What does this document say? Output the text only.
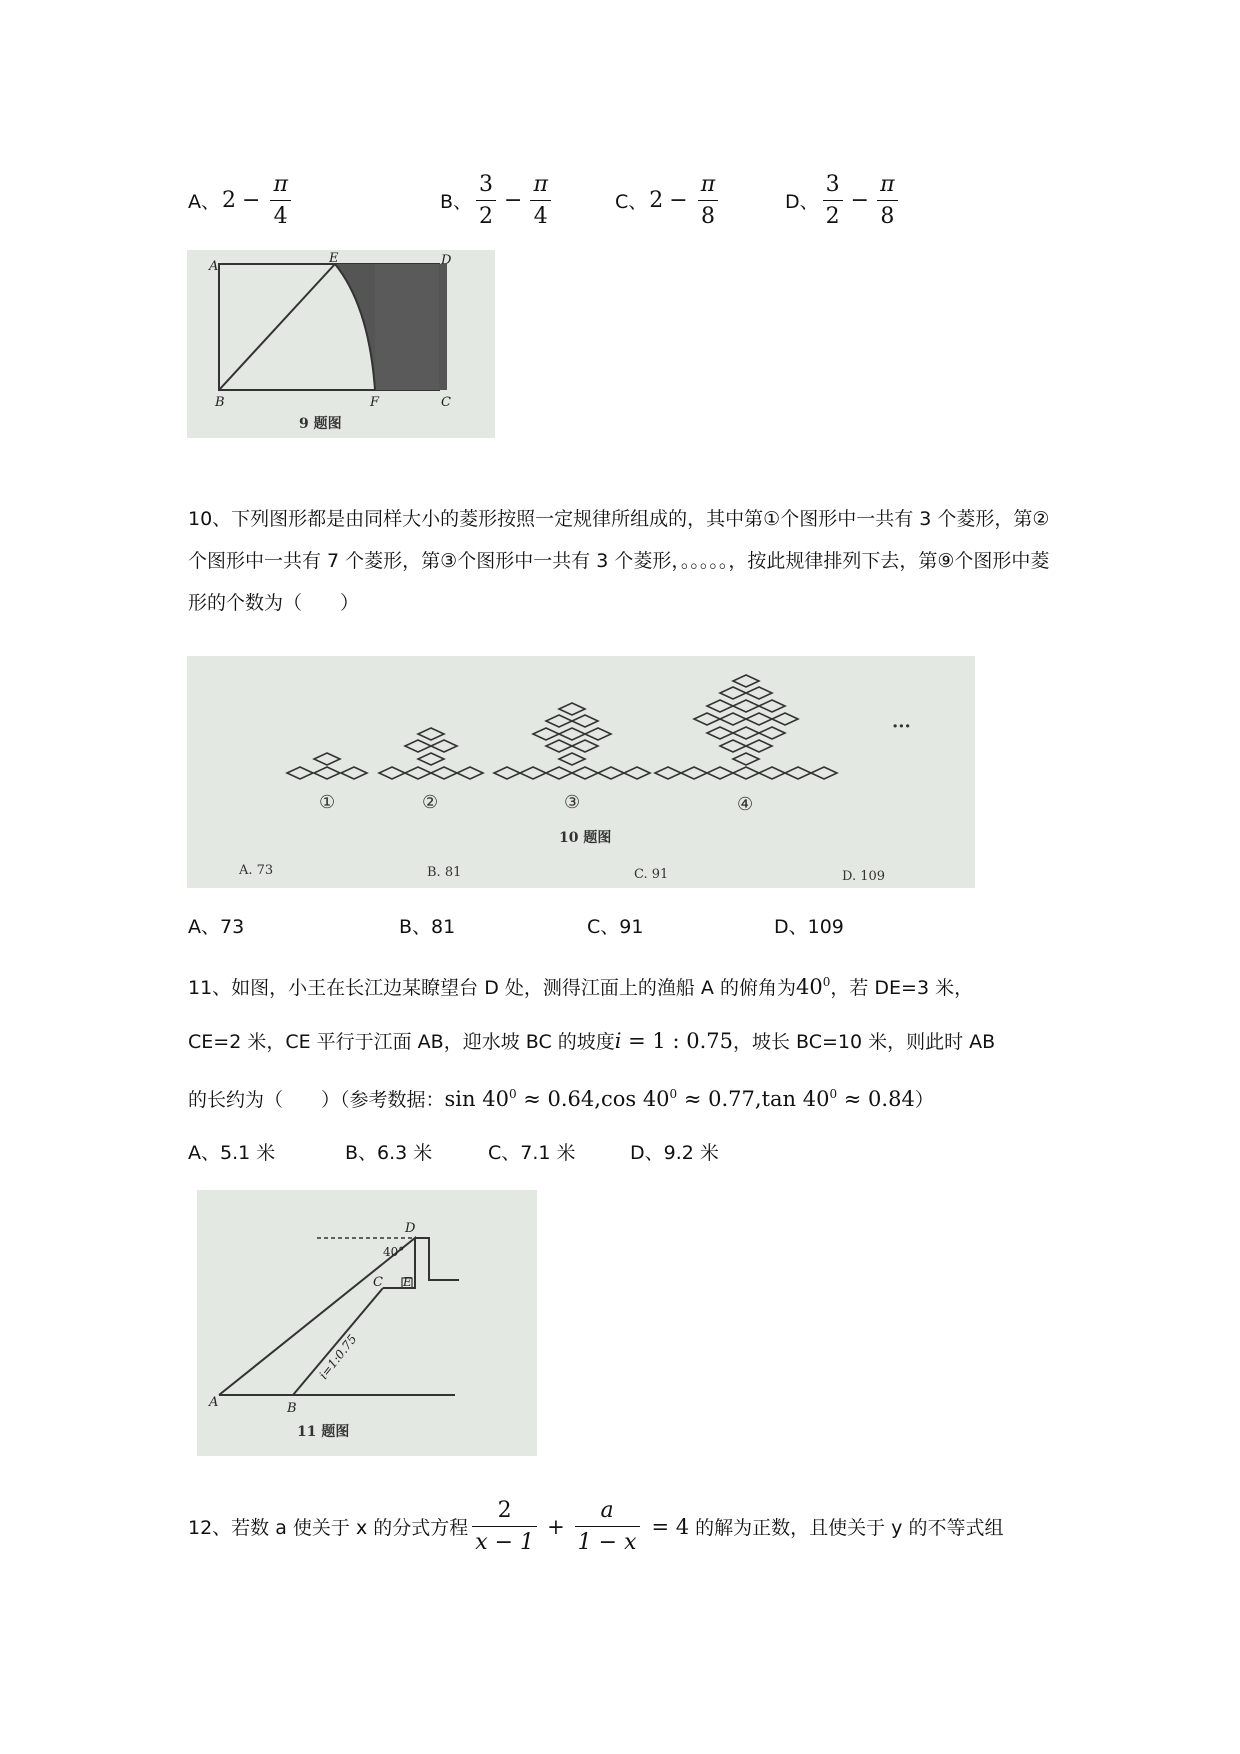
A、 $2 - \frac{\pi}{4}$	B、 $\frac{3}{2} - \frac{\pi}{4}$	C、 $2 - \frac{\pi}{8}$	D、 $\frac{3}{2} - \frac{\pi}{8}$
A
E	D
B	F	C
9 题图
10、下列图形都是由同样大小的菱形按照一定规律所组成的，其中第①个图形中一共有 3 个菱形，第②个图形中一共有 7 个菱形，第③个图形中一共有 3 个菱形，。。。。。，按此规律排列下去，第⑨个图形中菱形的个数为（　　）
···
①	②	③	④
10 题图
A. 73	B. 81	C. 91	D. 109
A、73	B、81	C、91	D、109
11、如图，小王在长江边某瞭望台 D 处，测得江面上的渔船 A 的俯角为$40^0$，若 DE=3 米，
CE=2 米，CE 平行于江面 AB，迎水坡 BC 的坡度i = 1 : 0.75，坡长 BC=10 米，则此时 AB
的长约为（　　）（参考数据：$\sin 40^0 \approx 0.64,\cos$ $40^0 \approx 0.77,\tan$ $40^0 \approx 0.84$）
A、5.1 米	B、6.3 米	C、7.1 米	D、9.2 米
D
40°
C E
A	B
i=1:0.75
11 题图
12、若数 a 使关于 x 的分式方程 $\frac{2}{x - 1} + \frac{a}{1 - x} = 4$ 的解为正数，且使关于 y 的不等式组
